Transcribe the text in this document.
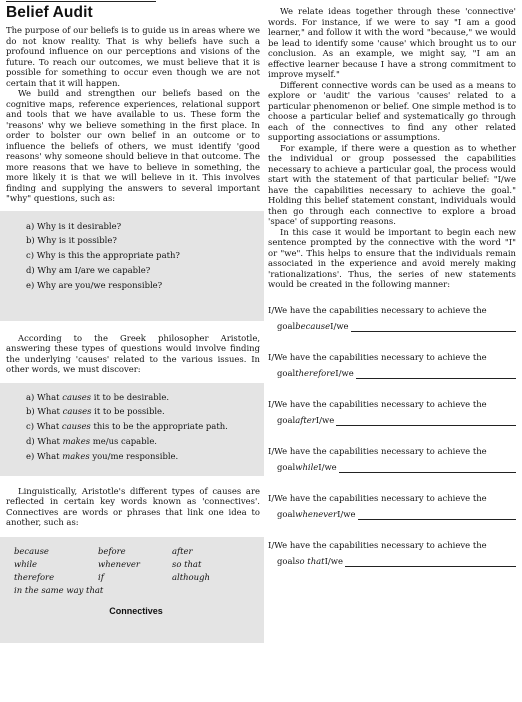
Belief Audit

The purpose of our beliefs is to guide us in areas where we do not know reality. That is why beliefs have such a profound influence on our perceptions and visions of the future. To reach our outcomes, we must believe that it is possible for something to occur even though we are not certain that it will happen.

We build and strengthen our beliefs based on the cognitive maps, reference experiences, relational support and tools that we have available to us. These form the 'reasons' why we believe something in the first place. In order to bolster our own belief in an outcome or to influence the beliefs of others, we must identify 'good reasons' why someone should believe in that outcome. The more reasons that we have to believe in something, the more likely it is that we will believe in it. This involves finding and supplying the answers to several important "why" questions, such as:

a) Why is it desirable?
b) Why is it possible?
c) Why is this the appropriate path?
d) Why am I/are we capable?
e) Why are you/we responsible?

According to the Greek philosopher Aristotle, answering these types of questions would involve finding the underlying 'causes' related to the various issues. In other words, we must discover:

a) What causes it to be desirable.
b) What causes it to be possible.
c) What causes this to be the appropriate path.
d) What makes me/us capable.
e) What makes you/me responsible.

Linguistically, Aristotle's different types of causes are reflected in certain key words known as 'connectives'. Connectives are words or phrases that link one idea to another, such as:

because	before	after
while	whenever	so that
therefore	if	although
in the same way that
Connectives

We relate ideas together through these 'connective' words. For instance, if we were to say "I am a good learner," and follow it with the word "because," we would be lead to identify some 'cause' which brought us to our conclusion. As an example, we might say, "I am an effective learner because I have a strong commitment to improve myself."

Different connective words can be used as a means to explore or 'audit' the various 'causes' related to a particular phenomenon or belief. One simple method is to choose a particular belief and systematically go through each of the connectives to find any other related supporting associations or assumptions.

For example, if there were a question as to whether the individual or group possessed the capabilities necessary to achieve a particular goal, the process would start with the statement of that particular belief: "I/we have the capabilities necessary to achieve the goal." Holding this belief statement constant, individuals would then go through each connective to explore a broad 'space' of supporting reasons.

In this case it would be important to begin each new sentence prompted by the connective with the word "I" or "we". This helps to ensure that the individuals remain associated in the experience and avoid merely making 'rationalizations'. Thus, the series of new statements would be created in the following manner:

I/We have the capabilities necessary to achieve the
goal because I/we
I/We have the capabilities necessary to achieve the
goal therefore I/we
I/We have the capabilities necessary to achieve the
goal after I/we
I/We have the capabilities necessary to achieve the
goal while I/we
I/We have the capabilities necessary to achieve the
goal whenever I/we
I/We have the capabilities necessary to achieve the
goal so that I/we
